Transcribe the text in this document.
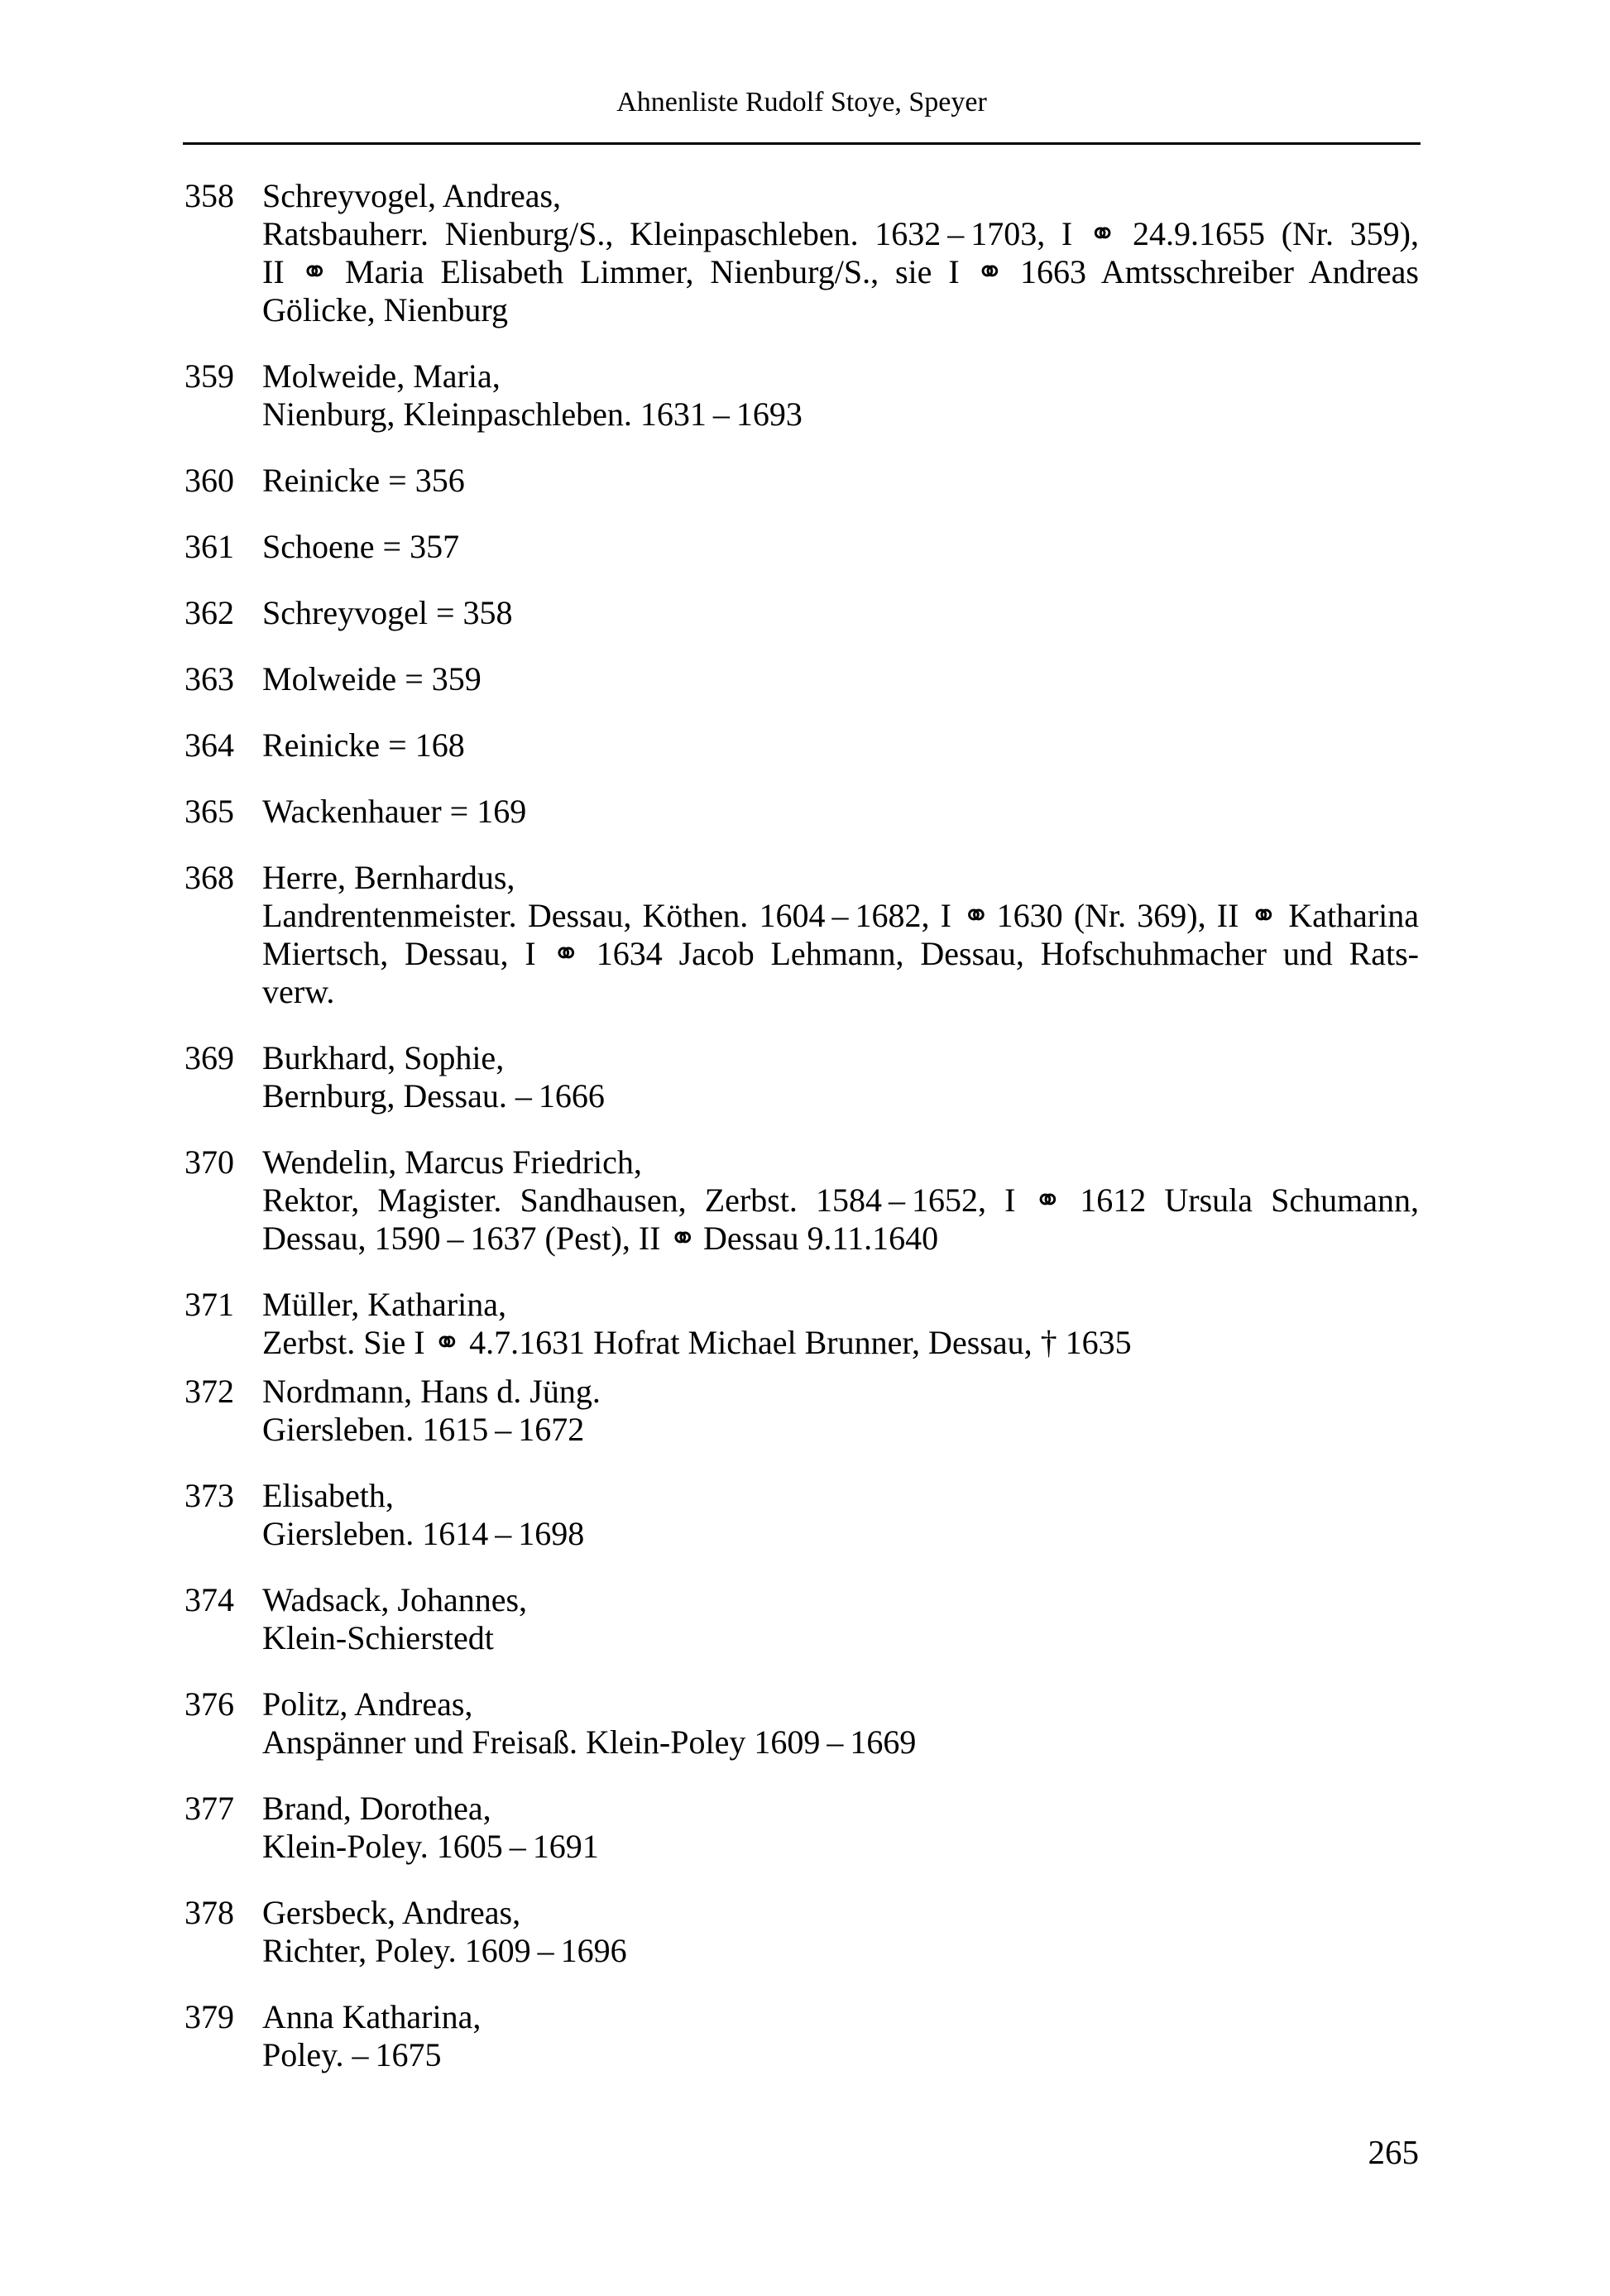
Ahnenliste Rudolf Stoye, Speyer
358 Schreyvogel, Andreas,
Ratsbauherr. Nienburg/S., Kleinpaschleben. 1632 – 1703, I ⚭ 24.9.1655 (Nr. 359),
II ⚭ Maria Elisabeth Limmer, Nienburg/S., sie I ⚭ 1663 Amtsschreiber Andreas
Gölicke, Nienburg
359 Molweide, Maria,
Nienburg, Kleinpaschleben. 1631 – 1693
360 Reinicke = 356
361 Schoene = 357
362 Schreyvogel = 358
363 Molweide = 359
364 Reinicke = 168
365 Wackenhauer = 169
368 Herre, Bernhardus,
Landrentenmeister. Dessau, Köthen. 1604 – 1682, I ⚭ 1630 (Nr. 369), II ⚭ Katharina
Miertsch, Dessau, I ⚭ 1634 Jacob Lehmann, Dessau, Hofschuhmacher und Rats-
verw.
369 Burkhard, Sophie,
Bernburg, Dessau. – 1666
370 Wendelin, Marcus Friedrich,
Rektor, Magister. Sandhausen, Zerbst. 1584 – 1652, I ⚭ 1612 Ursula Schumann,
Dessau, 1590 – 1637 (Pest), II ⚭ Dessau 9.11.1640
371 Müller, Katharina,
Zerbst. Sie I ⚭ 4.7.1631 Hofrat Michael Brunner, Dessau, † 1635
372 Nordmann, Hans d. Jüng.
Giersleben. 1615 – 1672
373 Elisabeth,
Giersleben. 1614 – 1698
374 Wadsack, Johannes,
Klein-Schierstedt
376 Politz, Andreas,
Anspänner und Freisaß. Klein-Poley 1609 – 1669
377 Brand, Dorothea,
Klein-Poley. 1605 – 1691
378 Gersbeck, Andreas,
Richter, Poley. 1609 – 1696
379 Anna Katharina,
Poley. – 1675
265
